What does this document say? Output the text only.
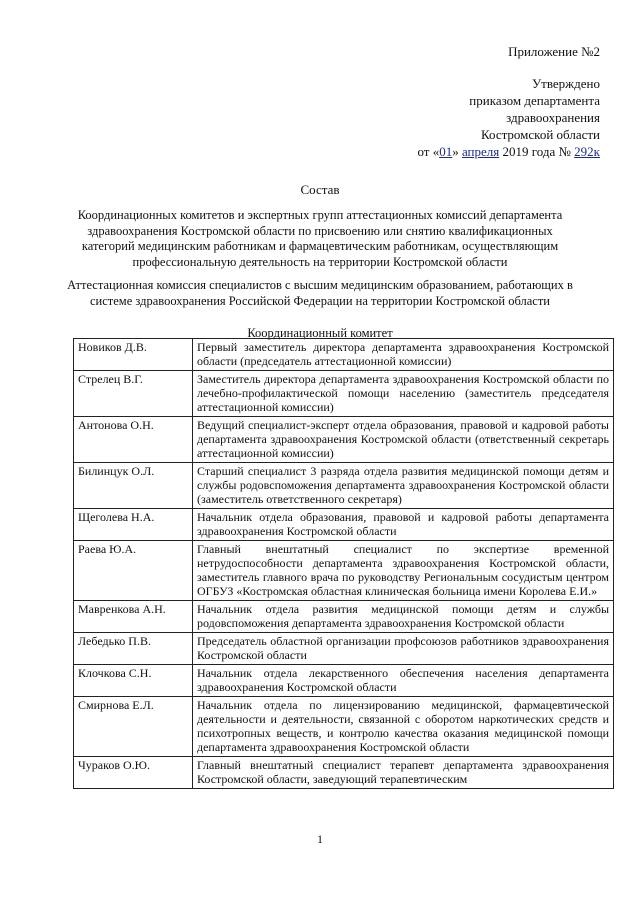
Приложение №2
Утверждено
приказом департамента
здравоохранения
Костромской области
от «01» апреля 2019 года № 292к
Состав
Координационных комитетов и экспертных групп аттестационных комиссий департамента здравоохранения Костромской области по присвоению или снятию квалификационных категорий медицинским работникам и фармацевтическим работникам, осуществляющим профессиональную деятельность на территории Костромской области
Аттестационная комиссия специалистов с высшим медицинским образованием, работающих в системе здравоохранения Российской Федерации на территории Костромской области
Координационный комитет
Новиков Д.В.	Первый заместитель директора департамента здравоохранения Костромской области (председатель аттестационной комиссии)
Стрелец В.Г.	Заместитель директора департамента здравоохранения Костромской области по лечебно-профилактической помощи населению (заместитель председателя аттестационной комиссии)
Антонова О.Н.	Ведущий специалист-эксперт отдела образования, правовой и кадровой работы департамента здравоохранения Костромской области (ответственный секретарь аттестационной комиссии)
Билинцук О.Л.	Старший специалист 3 разряда отдела развития медицинской помощи детям и службы родовспоможения департамента здравоохранения Костромской области (заместитель ответственного секретаря)
Щеголева Н.А.	Начальник отдела образования, правовой и кадровой работы департамента здравоохранения Костромской области
Раева Ю.А.	Главный внештатный специалист по экспертизе временной нетрудоспособности департамента здравоохранения Костромской области, заместитель главного врача по руководству Региональным сосудистым центром ОГБУЗ «Костромская областная клиническая больница имени Королева Е.И.»
Мавренкова А.Н.	Начальник отдела развития медицинской помощи детям и службы родовспоможения департамента здравоохранения Костромской области
Лебедько П.В.	Председатель областной организации профсоюзов работников здравоохранения Костромской области
Клочкова С.Н.	Начальник отдела лекарственного обеспечения населения департамента здравоохранения Костромской области
Смирнова Е.Л.	Начальник отдела по лицензированию медицинской, фармацевтической деятельности и деятельности, связанной с оборотом наркотических средств и психотропных веществ, и контролю качества оказания медицинской помощи департамента здравоохранения Костромской области
Чураков О.Ю.	Главный внештатный специалист терапевт департамента здравоохранения Костромской области, заведующий терапевтическим
1
